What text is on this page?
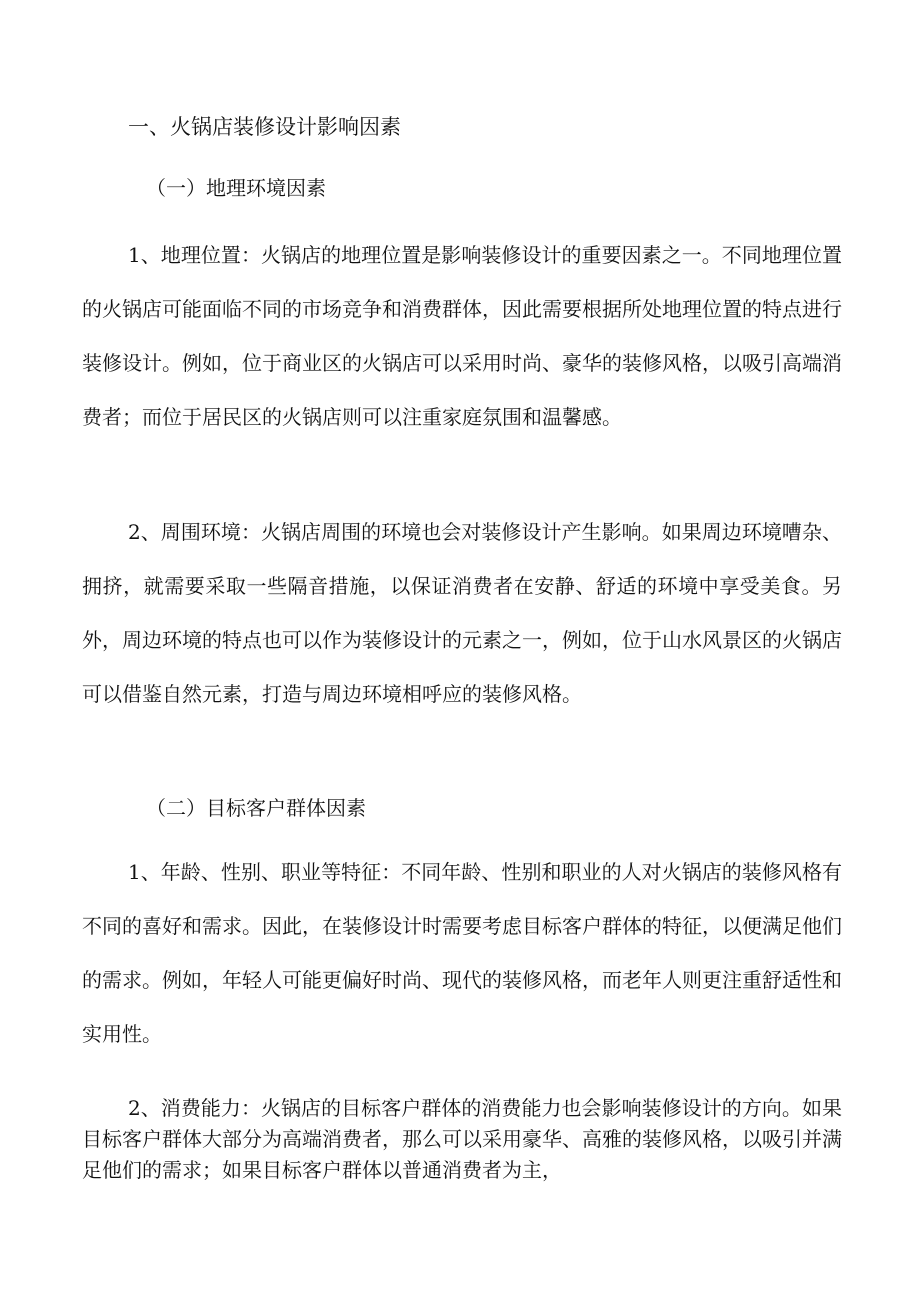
一、火锅店装修设计影响因素
（一）地理环境因素

1、地理位置：火锅店的地理位置是影响装修设计的重要因素之一。不同地理位置的火锅店可能面临不同的市场竞争和消费群体，因此需要根据所处地理位置的特点进行装修设计。例如，位于商业区的火锅店可以采用时尚、豪华的装修风格，以吸引高端消费者；而位于居民区的火锅店则可以注重家庭氛围和温馨感。

2、周围环境：火锅店周围的环境也会对装修设计产生影响。如果周边环境嘈杂、拥挤，就需要采取一些隔音措施，以保证消费者在安静、舒适的环境中享受美食。另外，周边环境的特点也可以作为装修设计的元素之一，例如，位于山水风景区的火锅店可以借鉴自然元素，打造与周边环境相呼应的装修风格。

（二）目标客户群体因素

1、年龄、性别、职业等特征：不同年龄、性别和职业的人对火锅店的装修风格有不同的喜好和需求。因此，在装修设计时需要考虑目标客户群体的特征，以便满足他们的需求。例如，年轻人可能更偏好时尚、现代的装修风格，而老年人则更注重舒适性和实用性。

2、消费能力：火锅店的目标客户群体的消费能力也会影响装修设计的方向。如果目标客户群体大部分为高端消费者，那么可以采用豪华、高雅的装修风格，以吸引并满足他们的需求；如果目标客户群体以普通消费者为主，
